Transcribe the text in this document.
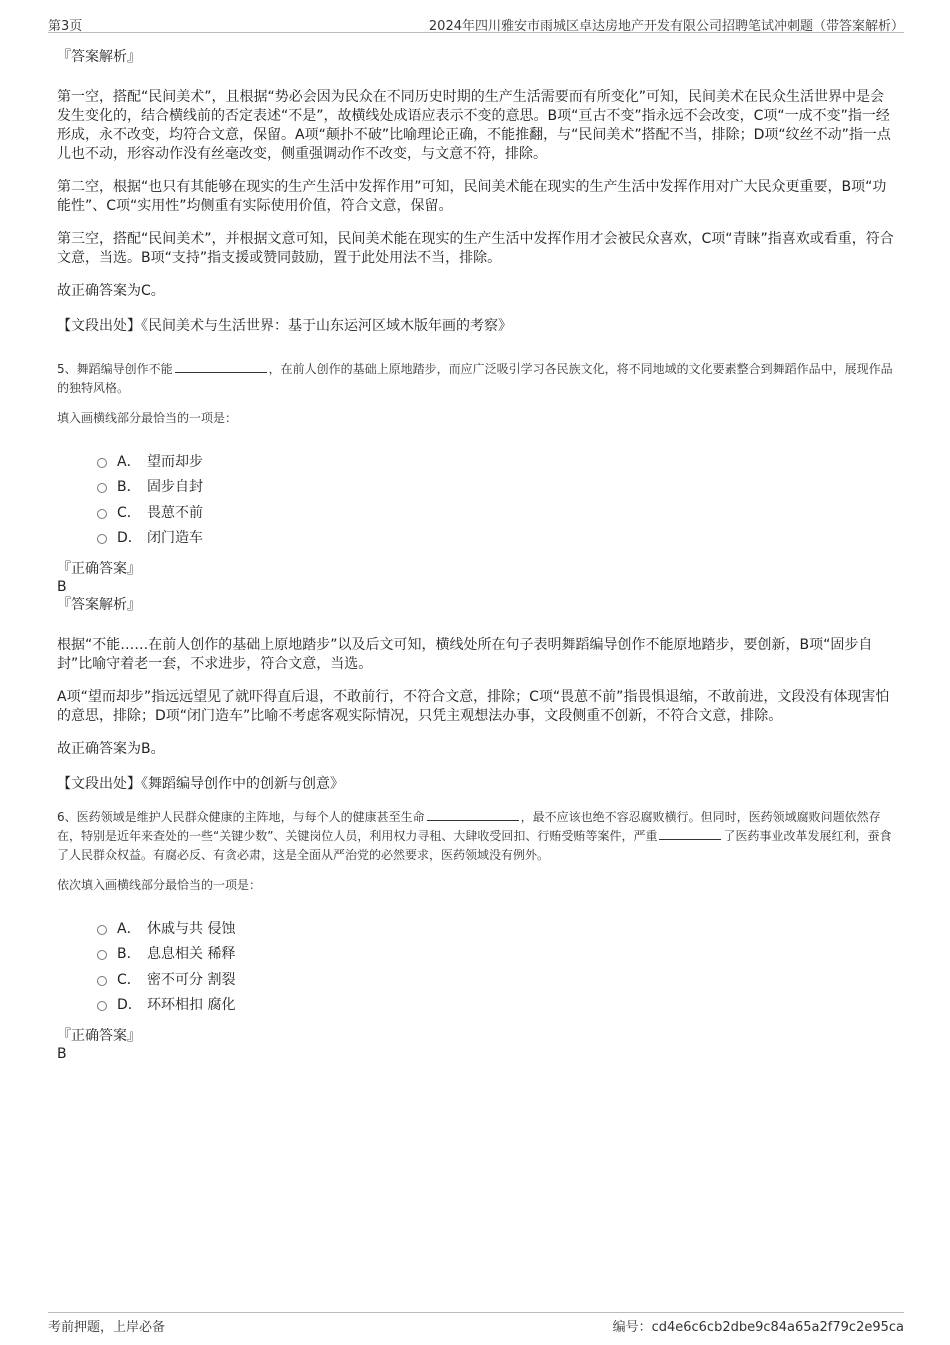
第3页	2024年四川雅安市雨城区卓达房地产开发有限公司招聘笔试冲刺题（带答案解析）

『答案解析』

第一空，搭配“民间美术”，且根据“势必会因为民众在不同历史时期的生产生活需要而有所变化”可知，民间美术在民众生活世界中是会发生变化的，结合横线前的否定表述“不是”，故横线处成语应表示不变的意思。B项“亘古不变”指永远不会改变，C项“一成不变”指一经形成，永不改变，均符合文意，保留。A项“颠扑不破”比喻理论正确，不能推翻，与“民间美术”搭配不当，排除；D项“纹丝不动”指一点儿也不动，形容动作没有丝毫改变，侧重强调动作不改变，与文意不符，排除。

第二空，根据“也只有其能够在现实的生产生活中发挥作用”可知，民间美术能在现实的生产生活中发挥作用对广大民众更重要，B项“功能性”、C项“实用性”均侧重有实际使用价值，符合文意，保留。

第三空，搭配“民间美术”，并根据文意可知，民间美术能在现实的生产生活中发挥作用才会被民众喜欢，C项“青睐”指喜欢或看重，符合文意，当选。B项“支持”指支援或赞同鼓励，置于此处用法不当，排除。

故正确答案为C。

【文段出处】《民间美术与生活世界：基于山东运河区域木版年画的考察》

5、舞蹈编导创作不能	，在前人创作的基础上原地踏步，而应广泛吸引学习各民族文化，将不同地域的文化要素整合到舞蹈作品中，展现作品的独特风格。

填入画横线部分最恰当的一项是：

A． 望而却步
B． 固步自封
C． 畏葸不前
D． 闭门造车

『正确答案』

B

『答案解析』

根据“不能……在前人创作的基础上原地踏步”以及后文可知，横线处所在句子表明舞蹈编导创作不能原地踏步，要创新，B项“固步自封”比喻守着老一套，不求进步，符合文意，当选。

A项“望而却步”指远远望见了就吓得直后退，不敢前行，不符合文意，排除；C项“畏葸不前”指畏惧退缩，不敢前进，文段没有体现害怕的意思，排除；D项“闭门造车”比喻不考虑客观实际情况，只凭主观想法办事，文段侧重不创新，不符合文意，排除。

故正确答案为B。

【文段出处】《舞蹈编导创作中的创新与创意》

6、医药领域是维护人民群众健康的主阵地，与每个人的健康甚至生命	，最不应该也绝不容忍腐败横行。但同时，医药领域腐败问题依然存在，特别是近年来查处的一些“关键少数”、关键岗位人员，利用权力寻租、大肆收受回扣、行贿受贿等案件，严重	了医药事业改革发展红利，蚕食了人民群众权益。有腐必反、有贪必肃，这是全面从严治党的必然要求，医药领域没有例外。

依次填入画横线部分最恰当的一项是：

A． 休戚与共 侵蚀
B． 息息相关 稀释
C． 密不可分 割裂
D． 环环相扣 腐化

『正确答案』

B

考前押题，上岸必备	编号：cd4e6c6cb2dbe9c84a65a2f79c2e95ca
